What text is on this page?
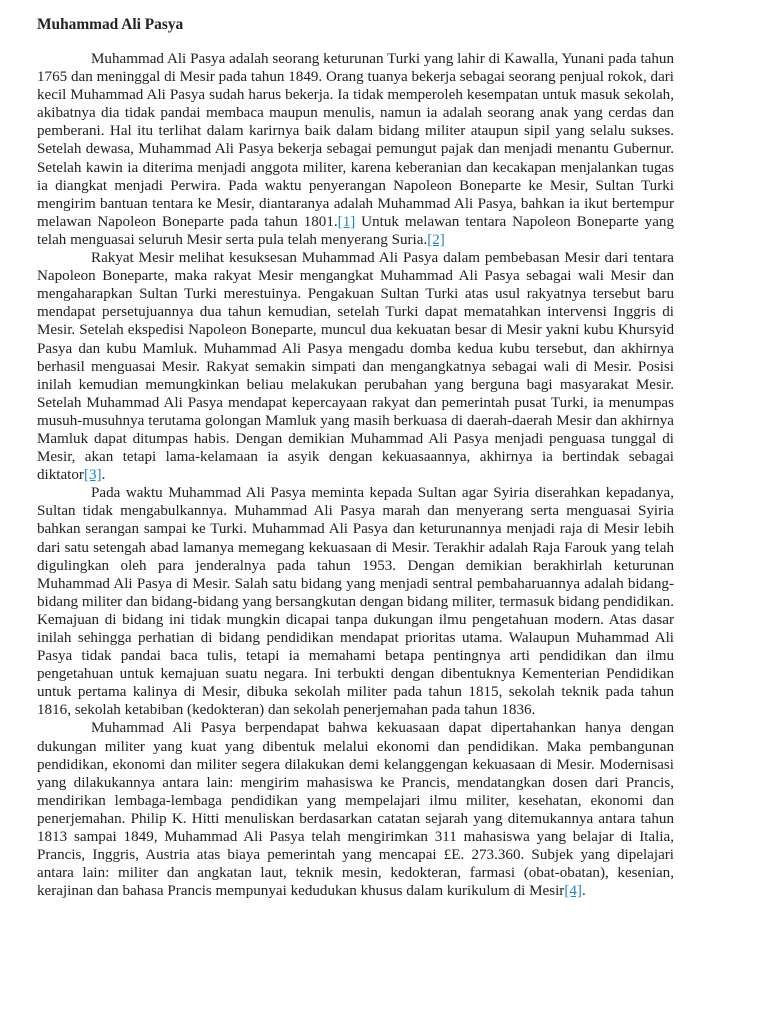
Muhammad Ali Pasya

Muhammad Ali Pasya adalah seorang keturunan Turki yang lahir di Kawalla, Yunani pada tahun 1765 dan meninggal di Mesir pada tahun 1849. Orang tuanya bekerja sebagai seorang penjual rokok, dari kecil Muhammad Ali Pasya sudah harus bekerja. Ia tidak memperoleh kesempatan untuk masuk sekolah, akibatnya dia tidak pandai membaca maupun menulis, namun ia adalah seorang anak yang cerdas dan pemberani. Hal itu terlihat dalam karirnya baik dalam bidang militer ataupun sipil yang selalu sukses. Setelah dewasa, Muhammad Ali Pasya bekerja sebagai pemungut pajak dan menjadi menantu Gubernur. Setelah kawin ia diterima menjadi anggota militer, karena keberanian dan kecakapan menjalankan tugas ia diangkat menjadi Perwira. Pada waktu penyerangan Napoleon Boneparte ke Mesir, Sultan Turki mengirim bantuan tentara ke Mesir, diantaranya adalah Muhammad Ali Pasya, bahkan ia ikut bertempur melawan Napoleon Boneparte pada tahun 1801.[1] Untuk melawan tentara Napoleon Boneparte yang telah menguasai seluruh Mesir serta pula telah menyerang Suria.[2]

Rakyat Mesir melihat kesuksesan Muhammad Ali Pasya dalam pembebasan Mesir dari tentara Napoleon Boneparte, maka rakyat Mesir mengangkat Muhammad Ali Pasya sebagai wali Mesir dan mengaharapkan Sultan Turki merestuinya. Pengakuan Sultan Turki atas usul rakyatnya tersebut baru mendapat persetujuannya dua tahun kemudian, setelah Turki dapat mematahkan intervensi Inggris di Mesir. Setelah ekspedisi Napoleon Boneparte, muncul dua kekuatan besar di Mesir yakni kubu Khursyid Pasya dan kubu Mamluk. Muhammad Ali Pasya mengadu domba kedua kubu tersebut, dan akhirnya berhasil menguasai Mesir. Rakyat semakin simpati dan mengangkatnya sebagai wali di Mesir. Posisi inilah kemudian memungkinkan beliau melakukan perubahan yang berguna bagi masyarakat Mesir. Setelah Muhammad Ali Pasya mendapat kepercayaan rakyat dan pemerintah pusat Turki, ia menumpas musuh-musuhnya terutama golongan Mamluk yang masih berkuasa di daerah-daerah Mesir dan akhirnya Mamluk dapat ditumpas habis. Dengan demikian Muhammad Ali Pasya menjadi penguasa tunggal di Mesir, akan tetapi lama-kelamaan ia asyik dengan kekuasaannya, akhirnya ia bertindak sebagai diktator[3].

Pada waktu Muhammad Ali Pasya meminta kepada Sultan agar Syiria diserahkan kepadanya, Sultan tidak mengabulkannya. Muhammad Ali Pasya marah dan menyerang serta menguasai Syiria bahkan serangan sampai ke Turki. Muhammad Ali Pasya dan keturunannya menjadi raja di Mesir lebih dari satu setengah abad lamanya memegang kekuasaan di Mesir. Terakhir adalah Raja Farouk yang telah digulingkan oleh para jenderalnya pada tahun 1953. Dengan demikian berakhirlah keturunan Muhammad Ali Pasya di Mesir. Salah satu bidang yang menjadi sentral pembaharuannya adalah bidang-bidang militer dan bidang-bidang yang bersangkutan dengan bidang militer, termasuk bidang pendidikan. Kemajuan di bidang ini tidak mungkin dicapai tanpa dukungan ilmu pengetahuan modern. Atas dasar inilah sehingga perhatian di bidang pendidikan mendapat prioritas utama. Walaupun Muhammad Ali Pasya tidak pandai baca tulis, tetapi ia memahami betapa pentingnya arti pendidikan dan ilmu pengetahuan untuk kemajuan suatu negara. Ini terbukti dengan dibentuknya Kementerian Pendidikan untuk pertama kalinya di Mesir, dibuka sekolah militer pada tahun 1815, sekolah teknik pada tahun 1816, sekolah ketabiban (kedokteran) dan sekolah penerjemahan pada tahun 1836.

Muhammad Ali Pasya berpendapat bahwa kekuasaan dapat dipertahankan hanya dengan dukungan militer yang kuat yang dibentuk melalui ekonomi dan pendidikan. Maka pembangunan pendidikan, ekonomi dan militer segera dilakukan demi kelanggengan kekuasaan di Mesir. Modernisasi yang dilakukannya antara lain: mengirim mahasiswa ke Prancis, mendatangkan dosen dari Prancis, mendirikan lembaga-lembaga pendidikan yang mempelajari ilmu militer, kesehatan, ekonomi dan penerjemahan. Philip K. Hitti menuliskan berdasarkan catatan sejarah yang ditemukannya antara tahun 1813 sampai 1849, Muhammad Ali Pasya telah mengirimkan 311 mahasiswa yang belajar di Italia, Prancis, Inggris, Austria atas biaya pemerintah yang mencapai £E. 273.360. Subjek yang dipelajari antara lain: militer dan angkatan laut, teknik mesin, kedokteran, farmasi (obat-obatan), kesenian, kerajinan dan bahasa Prancis mempunyai kedudukan khusus dalam kurikulum di Mesir[4].
